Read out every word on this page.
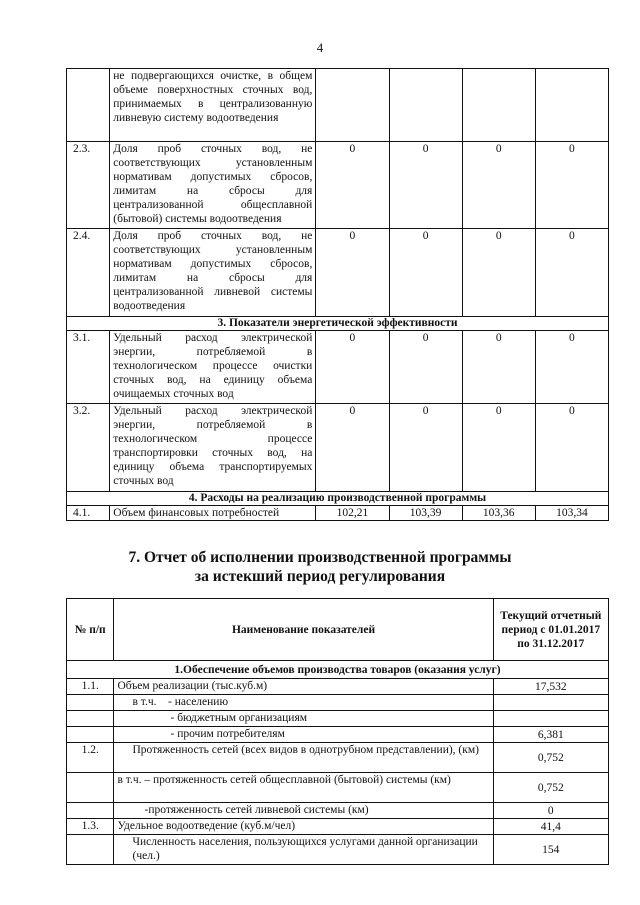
4
	не подвергающихся очистке, в общем объеме поверхностных сточных вод, принимаемых в централизованную ливневую систему водоотведения				
2.3.	Доля проб сточных вод, не соответствующих установленным нормативам допустимых сбросов, лимитам на сбросы для централизованной общесплавной (бытовой) системы водоотведения	0	0	0	0
2.4.	Доля проб сточных вод, не соответствующих установленным нормативам допустимых сбросов, лимитам на сбросы для централизованной ливневой системы водоотведения	0	0	0	0
3. Показатели энергетической эффективности					
3.1.	Удельный расход электрической энергии, потребляемой в технологическом процессе очистки сточных вод, на единицу объема очищаемых сточных вод	0	0	0	0
3.2.	Удельный расход электрической энергии, потребляемой в технологическом процессе транспортировки сточных вод, на единицу объема транспортируемых сточных вод	0	0	0	0
4. Расходы на реализацию производственной программы					
4.1.	Объем финансовых потребностей	102,21	103,39	103,36	103,34
7. Отчет об исполнении производственной программы
за истекший период регулирования
№ п/п	Наименование показателей	Текущий отчетный период с 01.01.2017 по 31.12.2017
1.Обеспечение объемов производства товаров (оказания услуг)		
1.1.	Объем реализации (тыс.куб.м)	17,532
	в т.ч.    - населению	
	- бюджетным организациям	
	- прочим потребителям	6,381
1.2.	Протяженность сетей (всех видов в однотрубном представлении), (км)	0,752
	в т.ч. – протяженность сетей общесплавной (бытовой) системы (км)	0,752
	-протяженность сетей ливневой системы (км)	0
1.3.	Удельное водоотведение (куб.м/чел)	41,4
	Численность населения, пользующихся услугами данной организации (чел.)	154
